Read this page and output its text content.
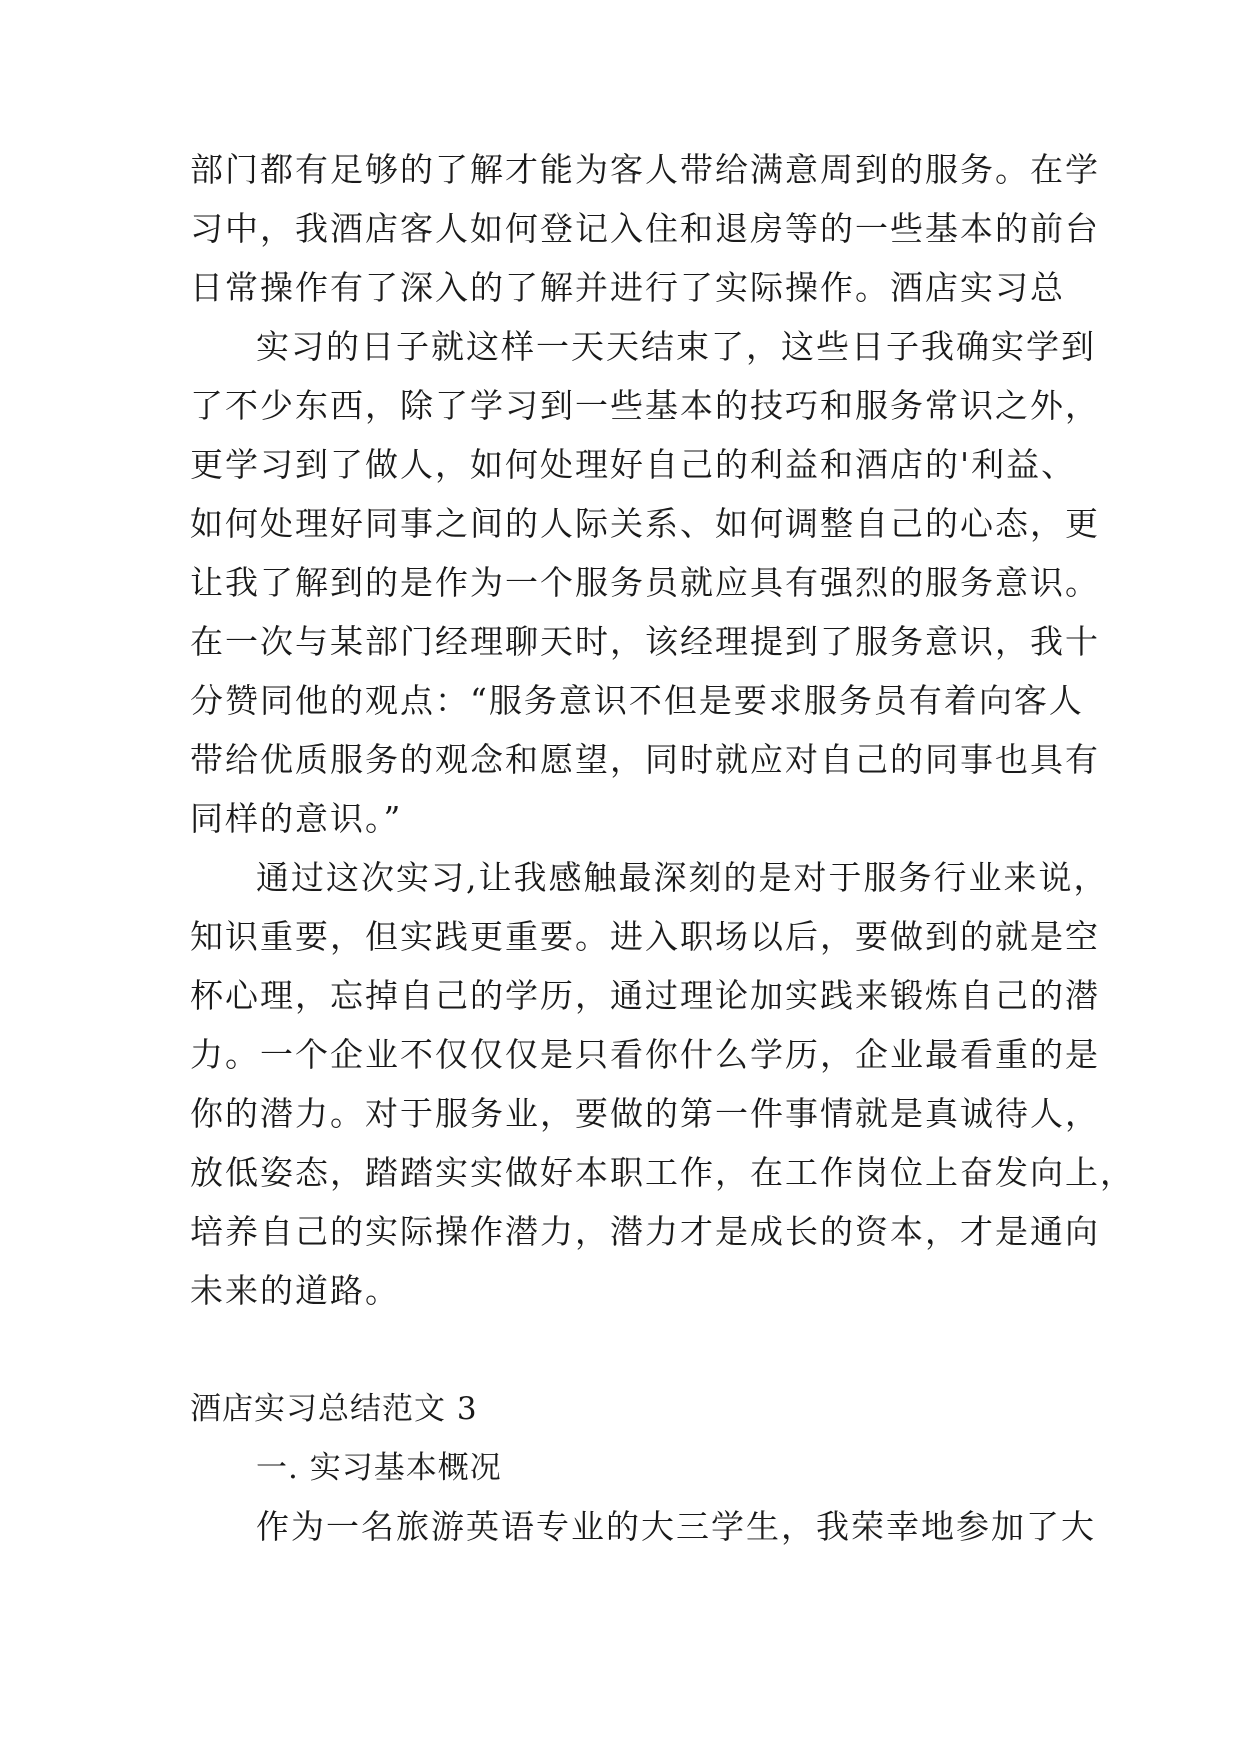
部门都有足够的了解才能为客人带给满意周到的服务。在学
习中，我酒店客人如何登记入住和退房等的一些基本的前台
日常操作有了深入的了解并进行了实际操作。酒店实习总
实习的日子就这样一天天结束了，这些日子我确实学到
了不少东西，除了学习到一些基本的技巧和服务常识之外，
更学习到了做人，如何处理好自己的利益和酒店的'利益、
如何处理好同事之间的人际关系、如何调整自己的心态，更
让我了解到的是作为一个服务员就应具有强烈的服务意识。
在一次与某部门经理聊天时，该经理提到了服务意识，我十
分赞同他的观点：“服务意识不但是要求服务员有着向客人
带给优质服务的观念和愿望，同时就应对自己的同事也具有
同样的意识。”
通过这次实习,让我感触最深刻的是对于服务行业来说，
知识重要，但实践更重要。进入职场以后，要做到的就是空
杯心理，忘掉自己的学历，通过理论加实践来锻炼自己的潜
力。一个企业不仅仅仅是只看你什么学历，企业最看重的是
你的潜力。对于服务业，要做的第一件事情就是真诚待人，
放低姿态，踏踏实实做好本职工作，在工作岗位上奋发向上，
培养自己的实际操作潜力，潜力才是成长的资本，才是通向
未来的道路。
酒店实习总结范文 3
一. 实习基本概况
作为一名旅游英语专业的大三学生，我荣幸地参加了大
